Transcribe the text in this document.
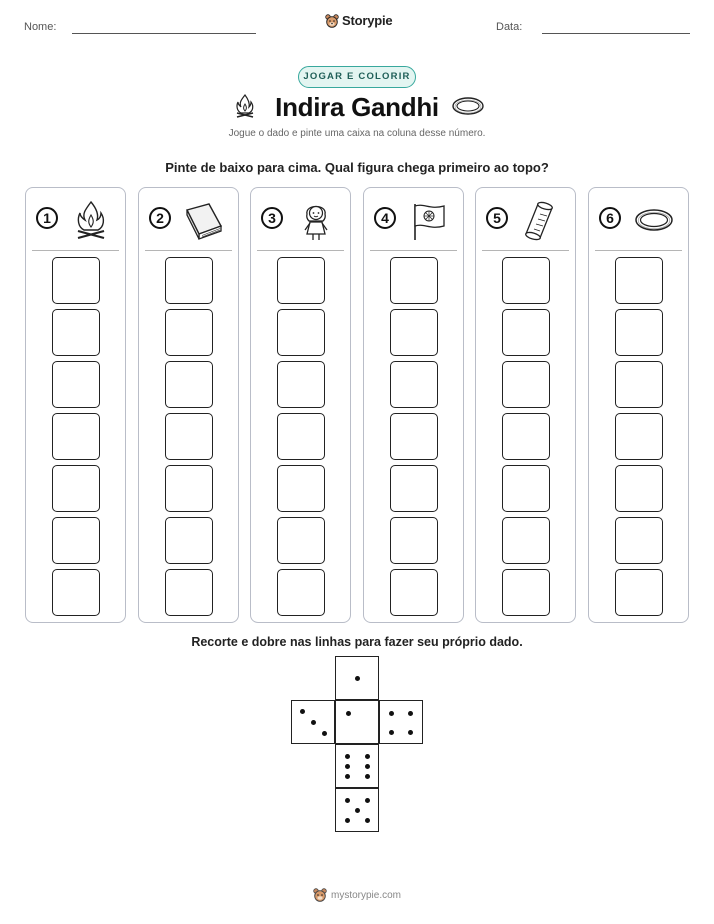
Nome:	Storypie	Data:
JOGAR E COLORIR
Indira Gandhi
Jogue o dado e pinte uma caixa na coluna desse número.
Pinte de baixo para cima. Qual figura chega primeiro ao topo?
1	2	3	4	5	6
Recorte e dobre nas linhas para fazer seu próprio dado.
mystorypie.com
